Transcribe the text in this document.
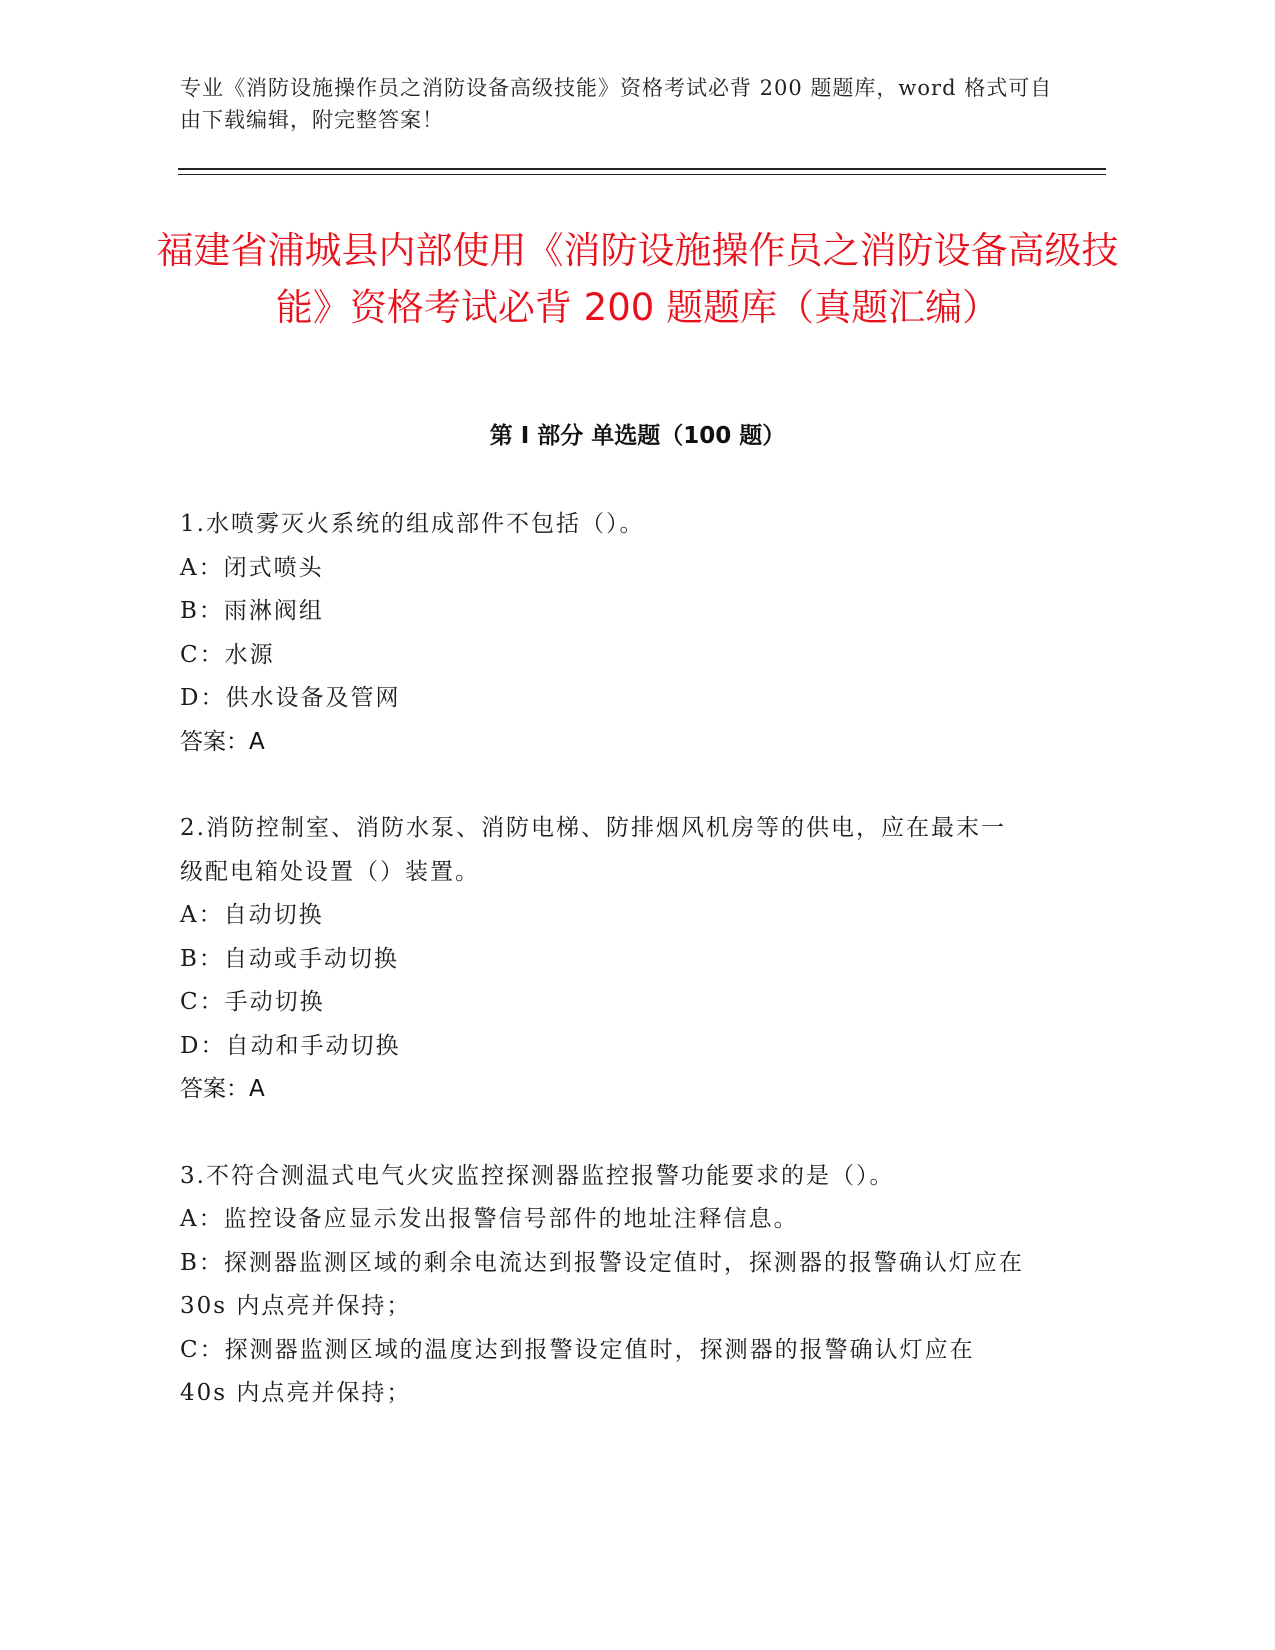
专业《消防设施操作员之消防设备高级技能》资格考试必背 200 题题库，word 格式可自由下载编辑，附完整答案！
福建省浦城县内部使用《消防设施操作员之消防设备高级技能》资格考试必背 200 题题库（真题汇编）
第 I 部分 单选题（100 题）

1.水喷雾灭火系统的组成部件不包括（）。

A：闭式喷头

B：雨淋阀组

C：水源

D：供水设备及管网

答案：A

2.消防控制室、消防水泵、消防电梯、防排烟风机房等的供电，应在最末一级配电箱处设置（）装置。

A：自动切换

B：自动或手动切换

C：手动切换

D：自动和手动切换

答案：A

3.不符合测温式电气火灾监控探测器监控报警功能要求的是（）。

A：监控设备应显示发出报警信号部件的地址注释信息。

B：探测器监测区域的剩余电流达到报警设定值时，探测器的报警确认灯应在 30s 内点亮并保持；

C：探测器监测区域的温度达到报警设定值时，探测器的报警确认灯应在 40s 内点亮并保持；
